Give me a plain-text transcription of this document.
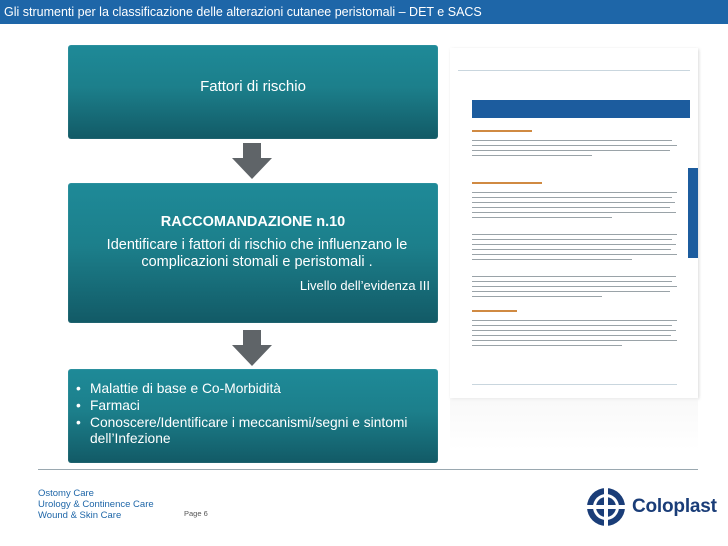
Gli strumenti per la classificazione delle alterazioni cutanee peristomali – DET e SACS
Fattori di rischio
RACCOMANDAZIONE n.10
Identificare i fattori di rischio che influenzano le
complicazioni stomali e peristomali .
Livello dell’evidenza III
• Malattie di base e Co-Morbidità
• Farmaci
• Conoscere/Identificare i meccanismi/segni e sintomi dell’Infezione
Ostomy Care
Urology & Continence Care
Wound & Skin Care	Page 6	Coloplast
